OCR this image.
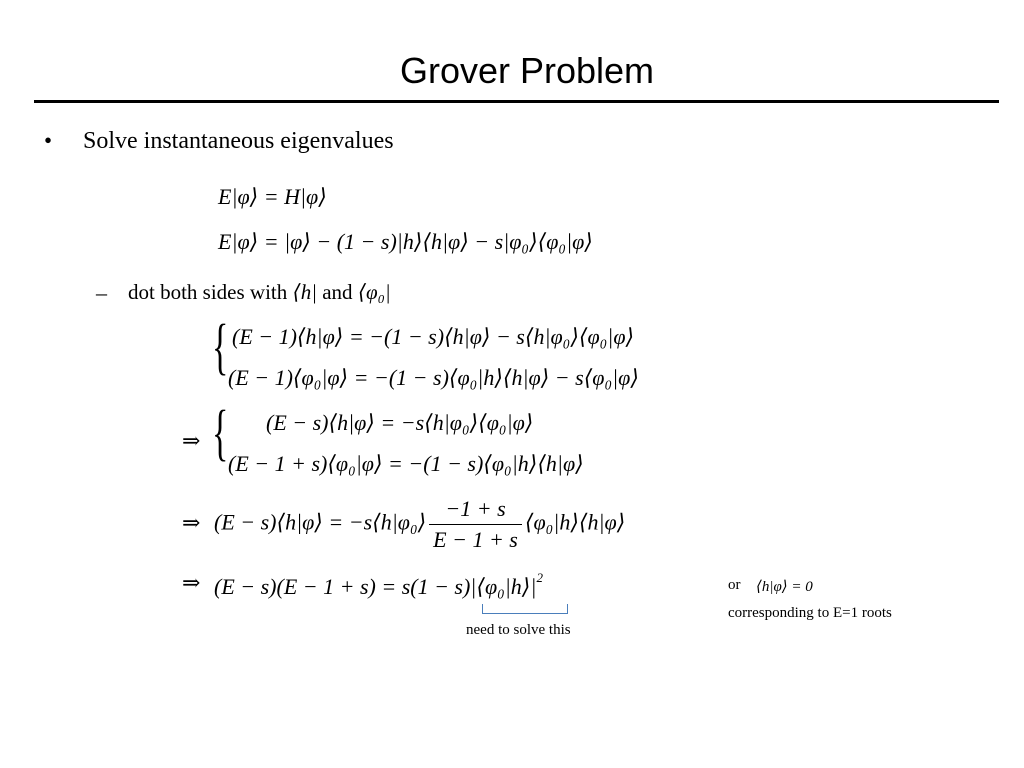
Grover Problem
• Solve instantaneous eigenvalues
E|φ⟩ = H|φ⟩
E|φ⟩ = |φ⟩ − (1 − s)|h⟩⟨h|φ⟩ − s|φ₀⟩⟨φ₀|φ⟩
– dot both sides with ⟨h| and ⟨φ₀|
{ (E − 1)⟨h|φ⟩ = −(1 − s)⟨h|φ⟩ − s⟨h|φ₀⟩⟨φ₀|φ⟩
(E − 1)⟨φ₀|φ⟩ = −(1 − s)⟨φ₀|h⟩⟨h|φ⟩ − s⟨φ₀|φ⟩
⇒ { (E − s)⟨h|φ⟩ = −s⟨h|φ₀⟩⟨φ₀|φ⟩
(E − 1 + s)⟨φ₀|φ⟩ = −(1 − s)⟨φ₀|h⟩⟨h|φ⟩
⇒ (E − s)⟨h|φ⟩ = −s⟨h|φ₀⟩ $\frac{-1 + s}{E - 1 + s}$ ⟨φ₀|h⟩⟨h|φ⟩
⇒ $(E - s)(E - 1 + s) = s(1 - s)|⟨\varphi_0|h⟩|^2$
need to solve this
or ⟨h|φ⟩ = 0
corresponding to E=1 roots
